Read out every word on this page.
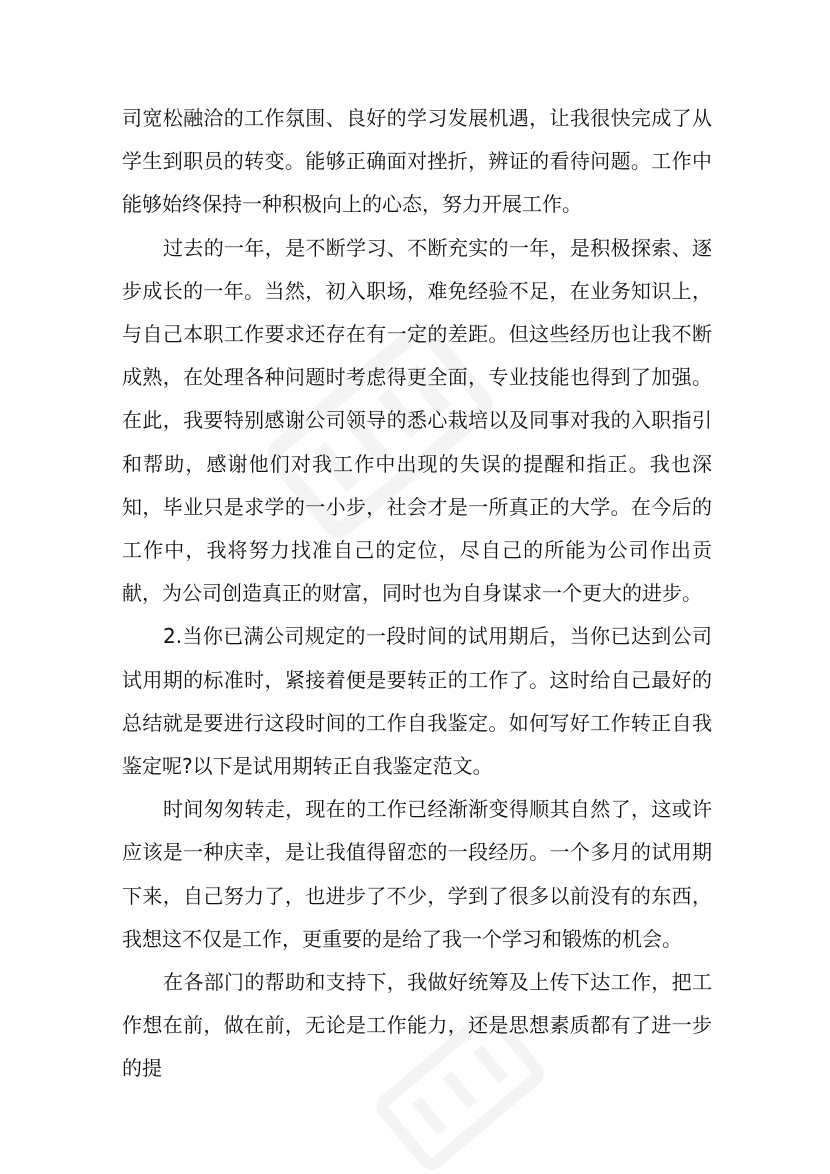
司宽松融洽的工作氛围、良好的学习发展机遇，让我很快完成了从学生到职员的转变。能够正确面对挫折，辨证的看待问题。工作中能够始终保持一种积极向上的心态，努力开展工作。

过去的一年，是不断学习、不断充实的一年，是积极探索、逐步成长的一年。当然，初入职场，难免经验不足，在业务知识上，与自己本职工作要求还存在有一定的差距。但这些经历也让我不断成熟，在处理各种问题时考虑得更全面，专业技能也得到了加强。在此，我要特别感谢公司领导的悉心栽培以及同事对我的入职指引和帮助，感谢他们对我工作中出现的失误的提醒和指正。我也深知，毕业只是求学的一小步，社会才是一所真正的大学。在今后的工作中，我将努力找准自己的定位，尽自己的所能为公司作出贡献，为公司创造真正的财富，同时也为自身谋求一个更大的进步。

2.当你已满公司规定的一段时间的试用期后，当你已达到公司试用期的标准时，紧接着便是要转正的工作了。这时给自己最好的总结就是要进行这段时间的工作自我鉴定。如何写好工作转正自我鉴定呢?以下是试用期转正自我鉴定范文。

时间匆匆转走，现在的工作已经渐渐变得顺其自然了，这或许应该是一种庆幸，是让我值得留恋的一段经历。一个多月的试用期下来，自己努力了，也进步了不少，学到了很多以前没有的东西，我想这不仅是工作，更重要的是给了我一个学习和锻炼的机会。

在各部门的帮助和支持下，我做好统筹及上传下达工作，把工作想在前，做在前，无论是工作能力，还是思想素质都有了进一步的提
